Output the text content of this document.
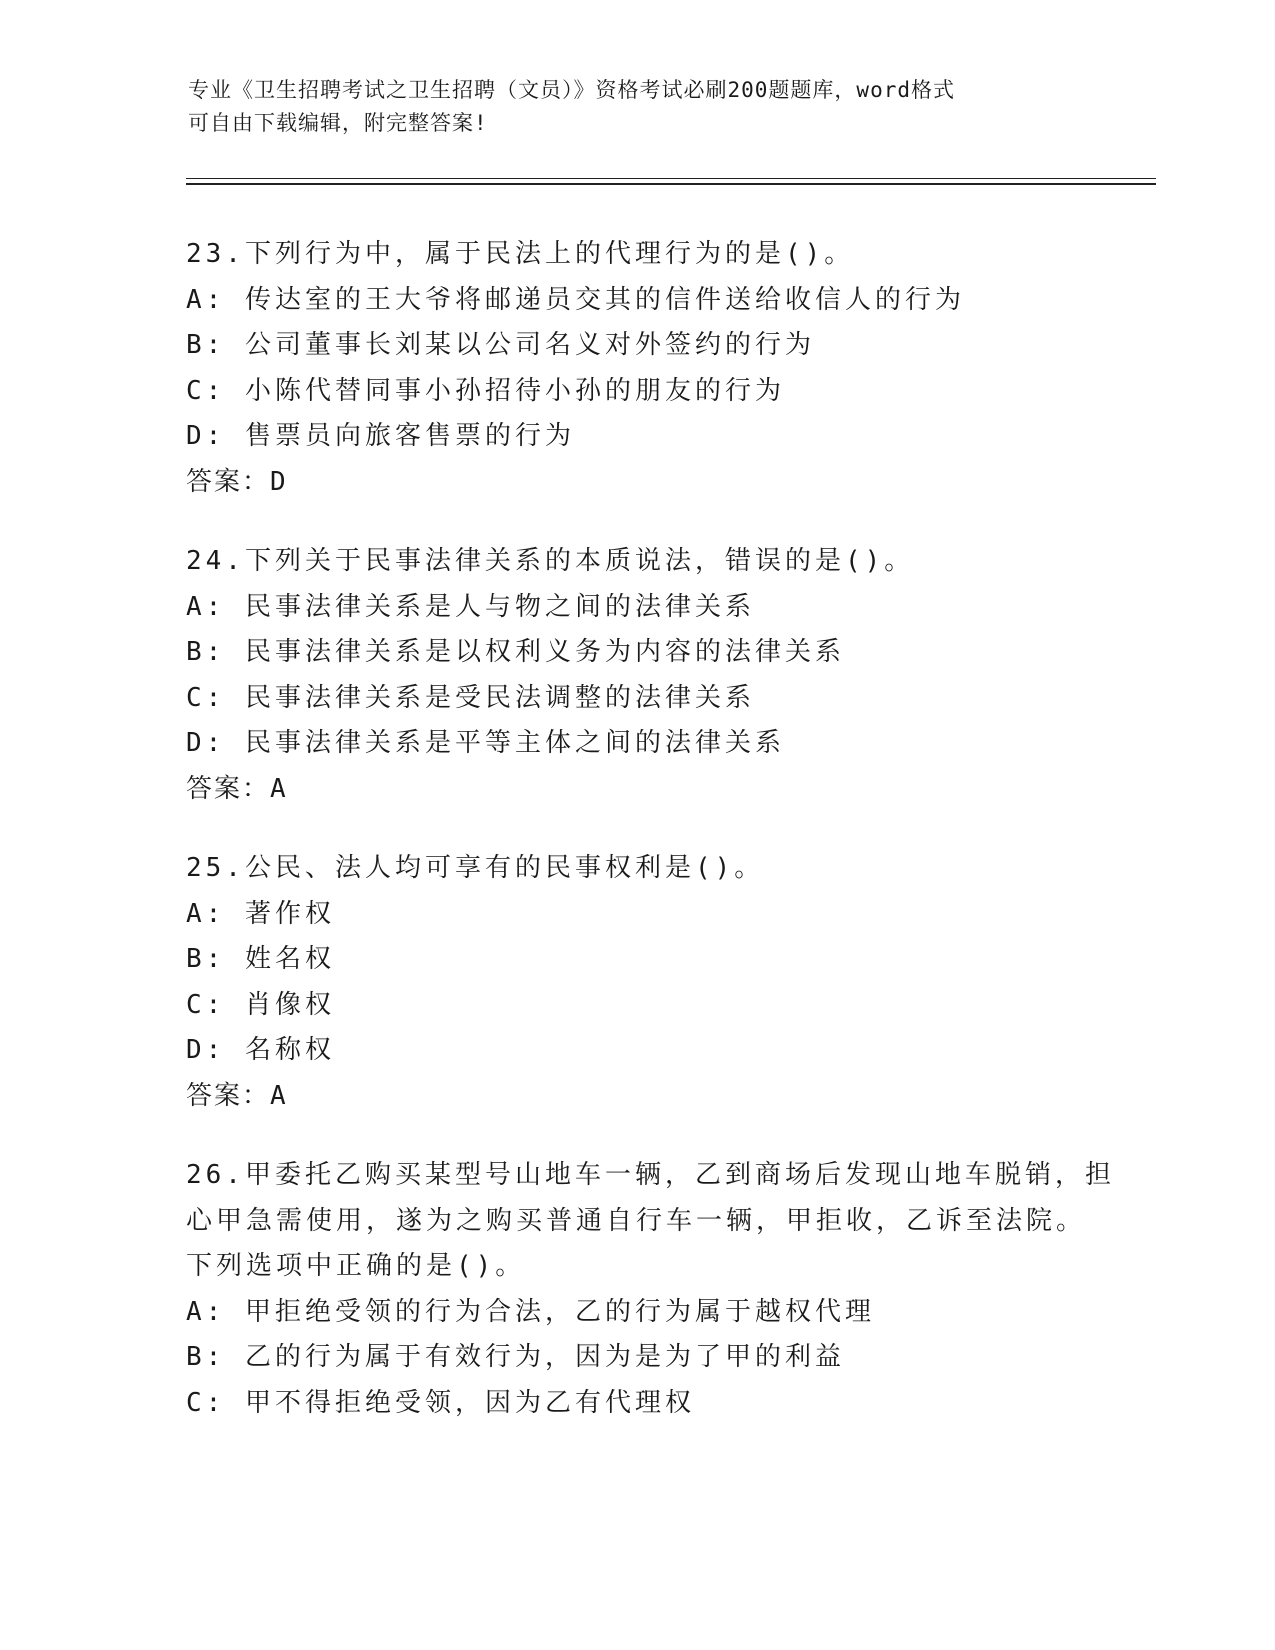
专业《卫生招聘考试之卫生招聘（文员）》资格考试必刷200题题库，word格式
可自由下载编辑，附完整答案!
23.下列行为中，属于民法上的代理行为的是()。
A: 传达室的王大爷将邮递员交其的信件送给收信人的行为
B: 公司董事长刘某以公司名义对外签约的行为
C: 小陈代替同事小孙招待小孙的朋友的行为
D: 售票员向旅客售票的行为
答案：D
24.下列关于民事法律关系的本质说法，错误的是()。
A: 民事法律关系是人与物之间的法律关系
B: 民事法律关系是以权利义务为内容的法律关系
C: 民事法律关系是受民法调整的法律关系
D: 民事法律关系是平等主体之间的法律关系
答案：A
25.公民、法人均可享有的民事权利是()。
A: 著作权
B: 姓名权
C: 肖像权
D: 名称权
答案：A
26.甲委托乙购买某型号山地车一辆，乙到商场后发现山地车脱销，担
心甲急需使用，遂为之购买普通自行车一辆，甲拒收，乙诉至法院。
下列选项中正确的是()。
A: 甲拒绝受领的行为合法，乙的行为属于越权代理
B: 乙的行为属于有效行为，因为是为了甲的利益
C: 甲不得拒绝受领，因为乙有代理权
